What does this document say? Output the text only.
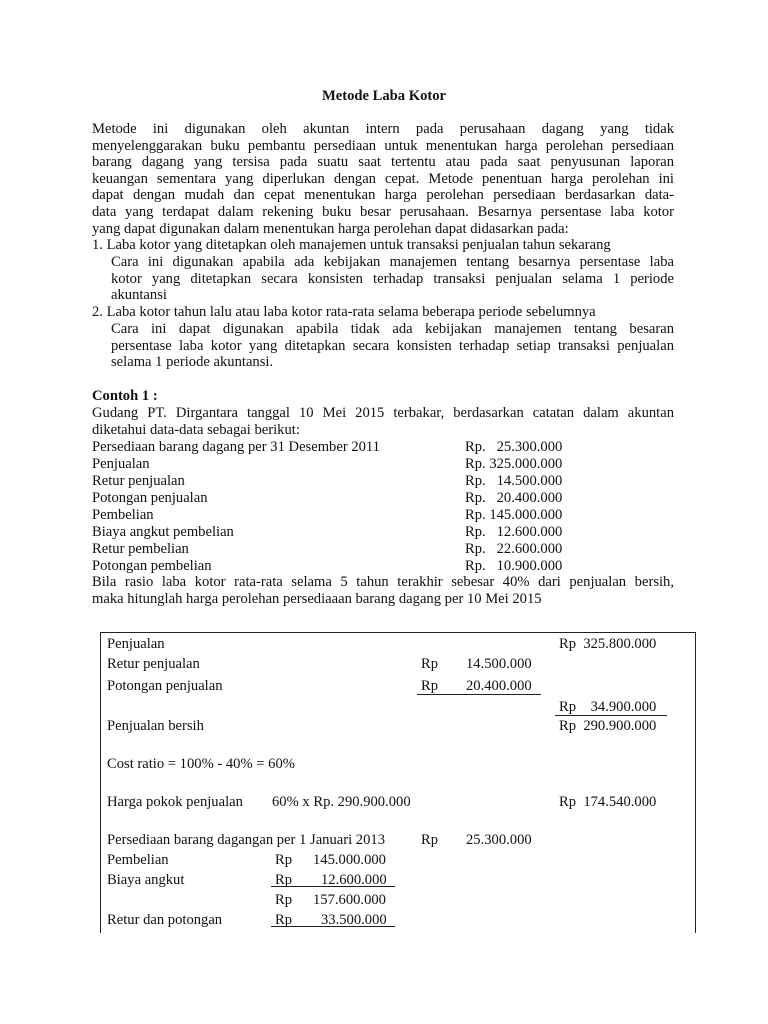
Metode Laba Kotor
Metode ini digunakan oleh akuntan intern pada perusahaan dagang yang tidak
menyelenggarakan buku pembantu persediaan untuk menentukan harga perolehan persediaan
barang dagang yang tersisa pada suatu saat tertentu atau pada saat penyusunan laporan
keuangan sementara yang diperlukan dengan cepat. Metode penentuan harga perolehan ini
dapat dengan mudah dan cepat menentukan harga perolehan persediaan berdasarkan data-
data yang terdapat dalam rekening buku besar perusahaan. Besarnya persentase laba kotor
yang dapat digunakan dalam menentukan harga perolehan dapat didasarkan pada:
1. Laba kotor yang ditetapkan oleh manajemen untuk transaksi penjualan tahun sekarang
Cara ini digunakan apabila ada kebijakan manajemen tentang besarnya persentase laba
kotor yang ditetapkan secara konsisten terhadap transaksi penjualan selama 1 periode
akuntansi
2. Laba kotor tahun lalu atau laba kotor rata-rata selama beberapa periode sebelumnya
Cara ini dapat digunakan apabila tidak ada kebijakan manajemen tentang besaran
persentase laba kotor yang ditetapkan secara konsisten terhadap setiap transaksi penjualan
selama 1 periode akuntansi.
Contoh 1 :
Gudang PT. Dirgantara tanggal 10 Mei 2015 terbakar, berdasarkan catatan dalam akuntan
diketahui data-data sebagai berikut:
Persediaan barang dagang per 31 Desember 2011	Rp.   25.300.000
Penjualan	Rp. 325.000.000
Retur penjualan	Rp.   14.500.000
Potongan penjualan	Rp.   20.400.000
Pembelian	Rp. 145.000.000
Biaya angkut pembelian	Rp.   12.600.000
Retur pembelian	Rp.   22.600.000
Potongan pembelian	Rp.   10.900.000
Bila rasio laba kotor rata-rata selama 5 tahun terakhir sebesar 40% dari penjualan bersih,
maka hitunglah harga perolehan persediaaan barang dagang per 10 Mei 2015
Penjualan	Rp  325.800.000
Retur penjualan	Rp 14.500.000
Potongan penjualan	Rp 20.400.000
Rp    34.900.000
Penjualan bersih	Rp  290.900.000
Cost ratio = 100% - 40% = 60%
Harga pokok penjualan 60% x Rp. 290.900.000	Rp  174.540.000
Persediaan barang dagangan per 1 Januari 2013 Rp 25.300.000
Pembelian	Rp 145.000.000
Biaya angkut	Rp 12.600.000
Rp 157.600.000
Retur dan potongan	Rp 33.500.000
